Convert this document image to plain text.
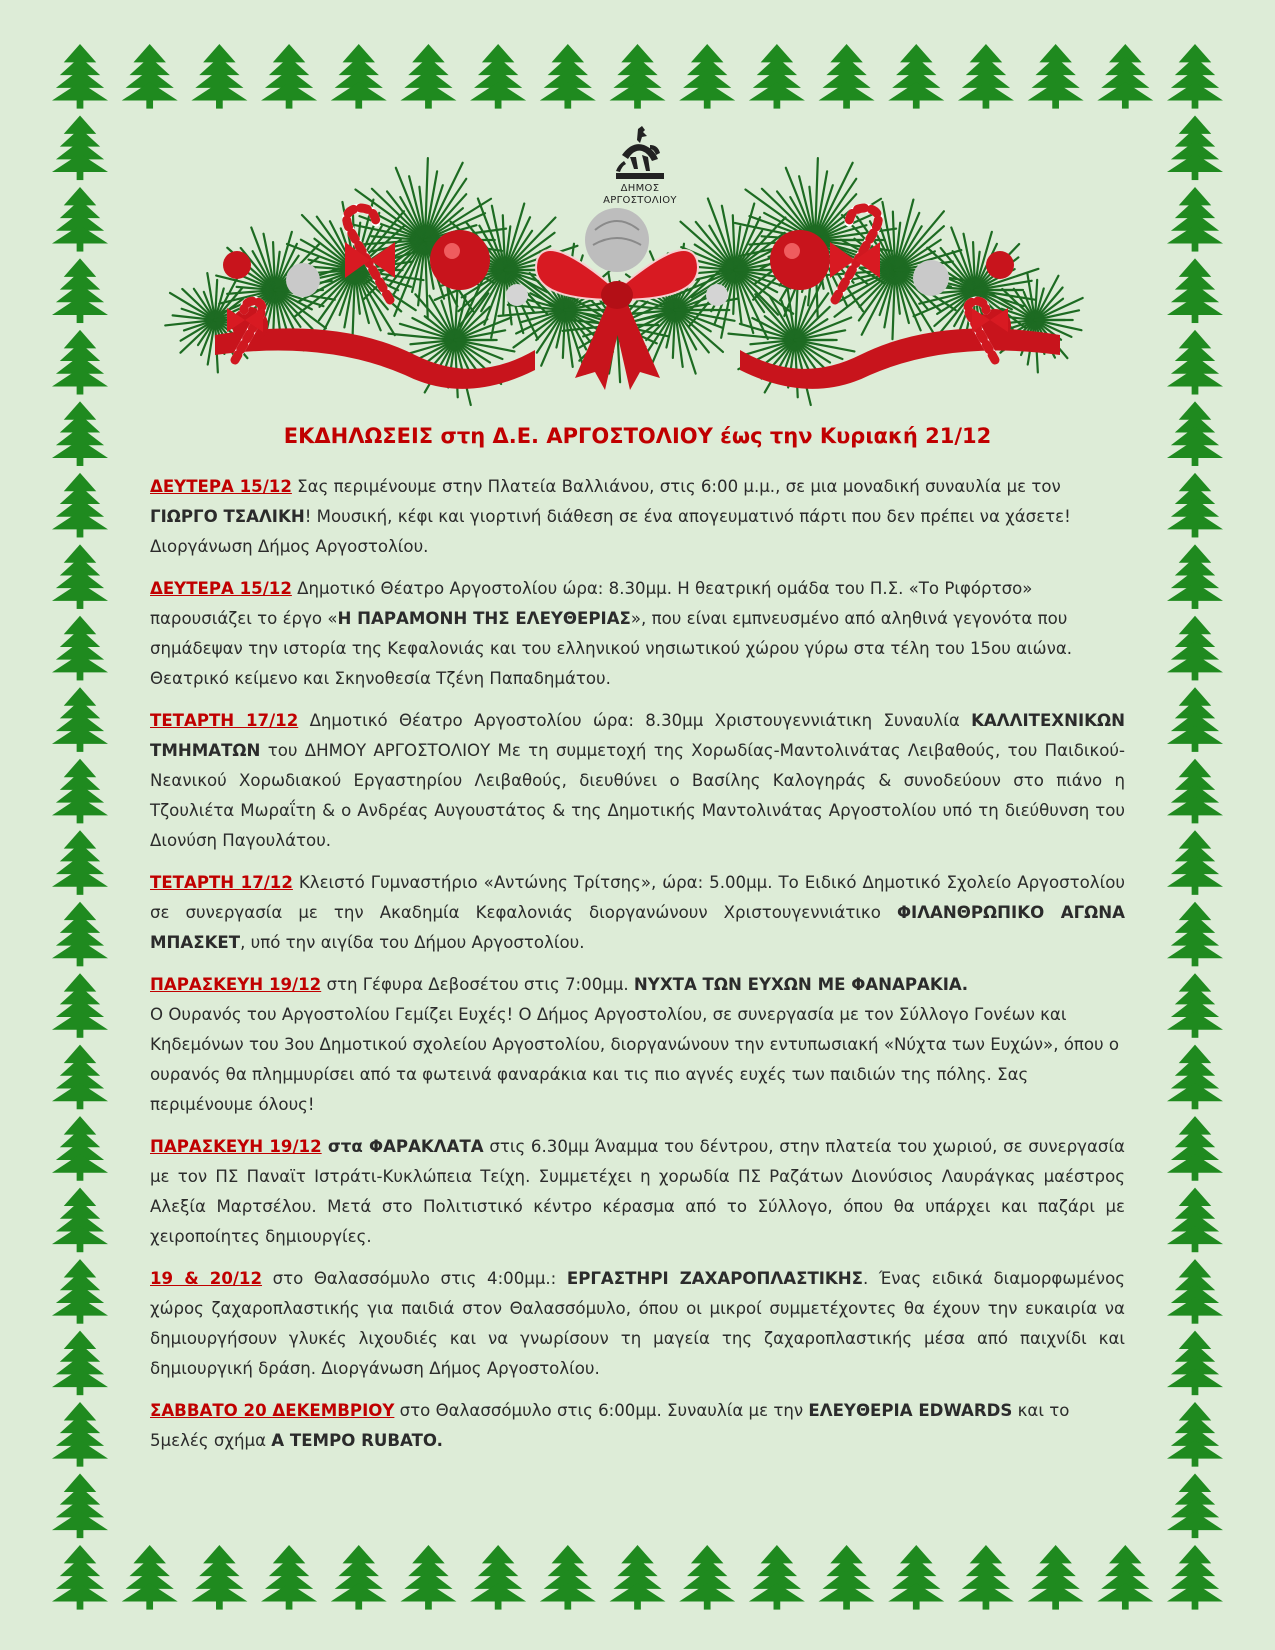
ΔΗΜΟΣ
ΑΡΓΟΣΤΟΛΙΟΥ
ΕΚΔΗΛΩΣΕΙΣ στη Δ.Ε. ΑΡΓΟΣΤΟΛΙΟΥ έως την Κυριακή 21/12

ΔΕΥΤΕΡΑ 15/12 Σας περιμένουμε στην Πλατεία Βαλλιάνου, στις 6:00 μ.μ., σε μια μοναδική συναυλία με τον ΓΙΩΡΓΟ ΤΣΑΛΙΚΗ! Μουσική, κέφι και γιορτινή διάθεση σε ένα απογευματινό πάρτι που δεν πρέπει να χάσετε! Διοργάνωση Δήμος Αργοστολίου.

ΔΕΥΤΕΡΑ 15/12 Δημοτικό Θέατρο Αργοστολίου ώρα: 8.30μμ. Η θεατρική ομάδα του Π.Σ. «Το Ριφόρτσο» παρουσιάζει το έργο «Η ΠΑΡΑΜΟΝΗ ΤΗΣ ΕΛΕΥΘΕΡΙΑΣ», που είναι εμπνευσμένο από αληθινά γεγονότα που σημάδεψαν την ιστορία της Κεφαλονιάς και του ελληνικού νησιωτικού χώρου γύρω στα τέλη του 15ου αιώνα. Θεατρικό κείμενο και Σκηνοθεσία Τζένη Παπαδημάτου.

ΤΕΤΑΡΤΗ 17/12 Δημοτικό Θέατρο Αργοστολίου ώρα: 8.30μμ Χριστουγεννιάτικη Συναυλία ΚΑΛΛΙΤΕΧΝΙΚΩΝ ΤΜΗΜΑΤΩΝ του ΔΗΜΟΥ ΑΡΓΟΣΤΟΛΙΟΥ Με τη συμμετοχή της Χορωδίας-Μαντολινάτας Λειβαθούς, του Παιδικού-Νεανικού Χορωδιακού Εργαστηρίου Λειβαθούς, διευθύνει ο Βασίλης Καλογηράς & συνοδεύουν στο πιάνο η Τζουλιέτα Μωραΐτη & ο Ανδρέας Αυγουστάτος & της Δημοτικής Μαντολινάτας Αργοστολίου υπό τη διεύθυνση του Διονύση Παγουλάτου.

ΤΕΤΑΡΤΗ 17/12 Κλειστό Γυμναστήριο «Αντώνης Τρίτσης», ώρα: 5.00μμ. Το Ειδικό Δημοτικό Σχολείο Αργοστολίου σε συνεργασία με την Ακαδημία Κεφαλονιάς διοργανώνουν Χριστουγεννιάτικο ΦΙΛΑΝΘΡΩΠΙΚΟ ΑΓΩΝΑ ΜΠΑΣΚΕΤ, υπό την αιγίδα του Δήμου Αργοστολίου.

ΠΑΡΑΣΚΕΥΗ 19/12 στη Γέφυρα Δεβοσέτου στις 7:00μμ. ΝΥΧΤΑ ΤΩΝ ΕΥΧΩΝ ΜΕ ΦΑΝΑΡΑΚΙΑ.
Ο Ουρανός του Αργοστολίου Γεμίζει Ευχές! Ο Δήμος Αργοστολίου, σε συνεργασία με τον Σύλλογο Γονέων και Κηδεμόνων του 3ου Δημοτικού σχολείου Αργοστολίου, διοργανώνουν την εντυπωσιακή «Νύχτα των Ευχών», όπου ο ουρανός θα πλημμυρίσει από τα φωτεινά φαναράκια και τις πιο αγνές ευχές των παιδιών της πόλης. Σας περιμένουμε όλους!

ΠΑΡΑΣΚΕΥΗ 19/12 στα ΦΑΡΑΚΛΑΤΑ στις 6.30μμ Άναμμα του δέντρου, στην πλατεία του χωριού, σε συνεργασία με τον ΠΣ Παναϊτ Ιστράτι-Κυκλώπεια Τείχη. Συμμετέχει η χορωδία ΠΣ Ραζάτων Διονύσιος Λαυράγκας μαέστρος Αλεξία Μαρτσέλου. Μετά στο Πολιτιστικό κέντρο κέρασμα από το Σύλλογο, όπου θα υπάρχει και παζάρι με χειροποίητες δημιουργίες.

19 & 20/12 στο Θαλασσόμυλο στις 4:00μμ.: ΕΡΓΑΣΤΗΡΙ ΖΑΧΑΡΟΠΛΑΣΤΙΚΗΣ. Ένας ειδικά διαμορφωμένος χώρος ζαχαροπλαστικής για παιδιά στον Θαλασσόμυλο, όπου οι μικροί συμμετέχοντες θα έχουν την ευκαιρία να δημιουργήσουν γλυκές λιχουδιές και να γνωρίσουν τη μαγεία της ζαχαροπλαστικής μέσα από παιχνίδι και δημιουργική δράση. Διοργάνωση Δήμος Αργοστολίου.

ΣΑΒΒΑΤΟ 20 ΔΕΚΕΜΒΡΙΟΥ στο Θαλασσόμυλο στις 6:00μμ. Συναυλία με την ΕΛΕΥΘΕΡΙΑ EDWARDS και το 5μελές σχήμα A TEMPO RUBATO.
